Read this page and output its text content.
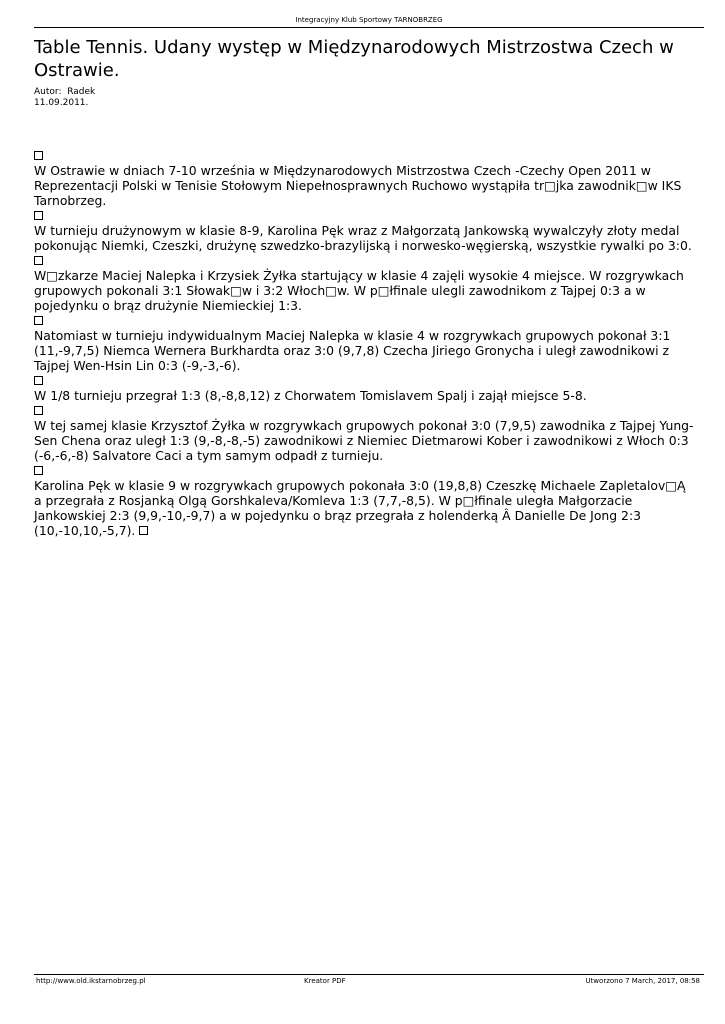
Integracyjny Klub Sportowy TARNOBRZEG
Table Tennis. Udany występ w Międzynarodowych Mistrzostwa Czech w Ostrawie.
Autor: Radek
11.09.2011.

W Ostrawie w dniach 7-10 września w Międzynarodowych Mistrzostwa Czech -Czechy Open 2011 w Reprezentacji Polski w Tenisie Stołowym Niepełnosprawnych Ruchowo wystąpiła tr□jka zawodnik□w IKS Tarnobrzeg.

W turnieju drużynowym w klasie 8-9, Karolina Pęk wraz z Małgorzatą Jankowską wywalczyły złoty medal pokonując Niemki, Czeszki, drużynę szwedzko-brazylijską i norwesko-węgierską, wszystkie rywalki po 3:0.

W□zkarze Maciej Nalepka i Krzysiek Żyłka startujący w klasie 4 zajęli wysokie 4 miejsce. W rozgrywkach grupowych pokonali 3:1 Słowak□w i 3:2 Włoch□w. W p□łfinale ulegli zawodnikom z Tajpej 0:3 a w pojedynku o brąz drużynie Niemieckiej 1:3.

Natomiast w turnieju indywidualnym Maciej Nalepka w klasie 4 w rozgrywkach grupowych pokonał 3:1 (11,-9,7,5) Niemca Wernera Burkhardta oraz 3:0 (9,7,8) Czecha Jiriego Gronycha i uległ zawodnikowi z Tajpej Wen-Hsin Lin 0:3 (-9,-3,-6).

W 1/8 turnieju przegrał 1:3 (8,-8,8,12) z Chorwatem Tomislavem Spalj i zajął miejsce 5-8.

W tej samej klasie Krzysztof Żyłka w rozgrywkach grupowych pokonał 3:0 (7,9,5) zawodnika z Tajpej Yung-Sen Chena oraz uległ 1:3 (9,-8,-8,-5) zawodnikowi z Niemiec Dietmarowi Kober i zawodnikowi z Włoch 0:3 (-6,-6,-8) Salvatore Caci a tym samym odpadł z turnieju.

Karolina Pęk w klasie 9 w rozgrywkach grupowych pokonała 3:0 (19,8,8) Czeszkę Michaele Zapletalov□Ą a przegrała z Rosjanką Olgą Gorshkaleva/Komleva 1:3 (7,7,-8,5). W p□łfinale uległa Małgorzacie Jankowskiej 2:3 (9,9,-10,-9,7) a w pojedynku o brąz przegrała z holenderką Â Danielle De Jong 2:3 (10,-10,10,-5,7).

http://www.old.ikstarnobrzeg.pl	Kreator PDF	Utworzono 7 March, 2017, 08:58
